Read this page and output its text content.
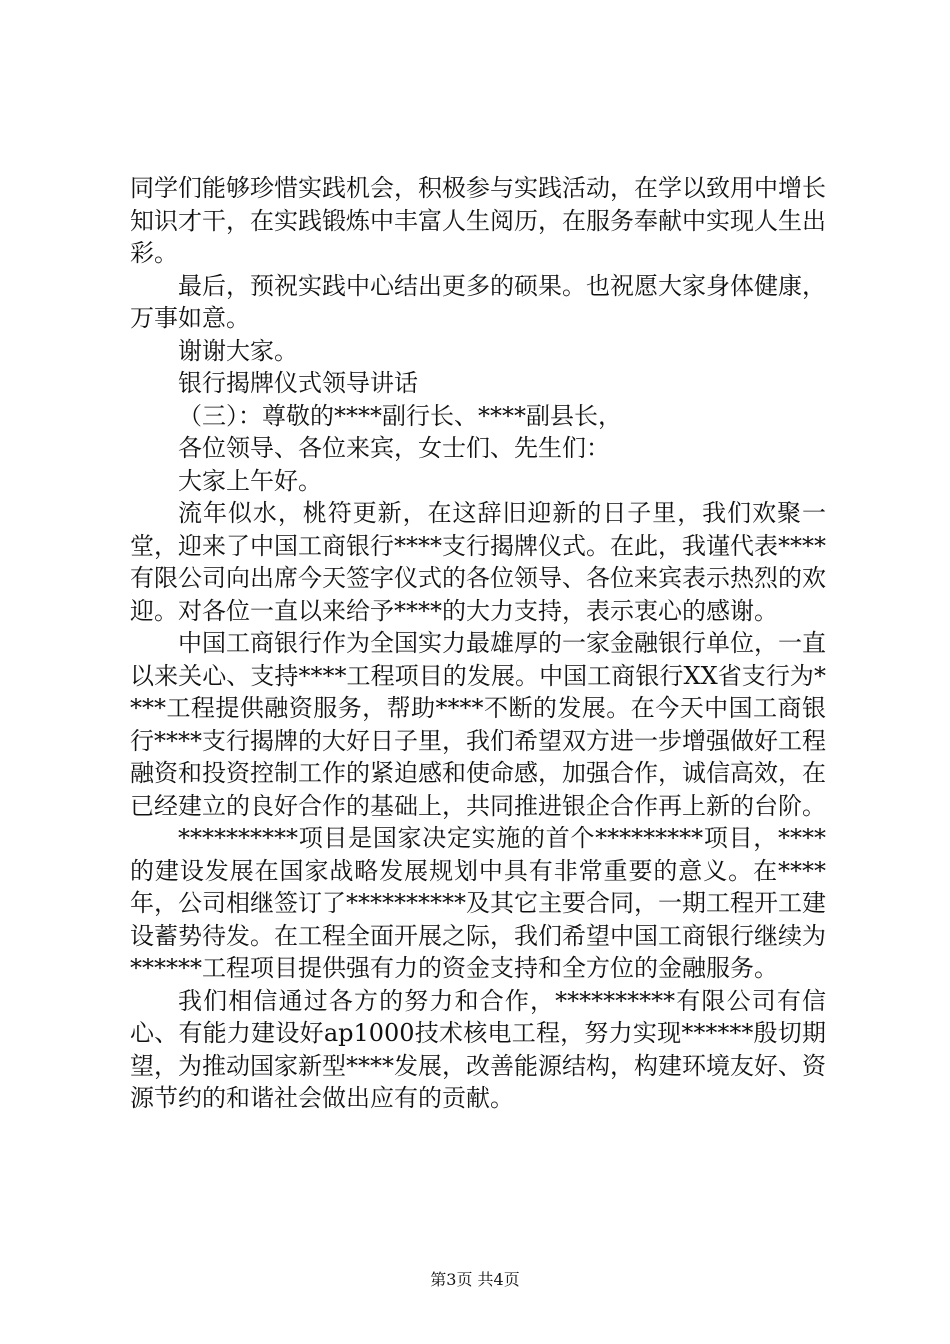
同学们能够珍惜实践机会，积极参与实践活动，在学以致用中增长知识才干，在实践锻炼中丰富人生阅历，在服务奉献中实现人生出彩。

最后，预祝实践中心结出更多的硕果。也祝愿大家身体健康，万事如意。

谢谢大家。

银行揭牌仪式领导讲话

（三）：尊敬的****副行长、****副县长，

各位领导、各位来宾，女士们、先生们：

大家上午好。

流年似水，桃符更新，在这辞旧迎新的日子里，我们欢聚一堂，迎来了中国工商银行****支行揭牌仪式。在此，我谨代表****有限公司向出席今天签字仪式的各位领导、各位来宾表示热烈的欢迎。对各位一直以来给予****的大力支持，表示衷心的感谢。

中国工商银行作为全国实力最雄厚的一家金融银行单位，一直以来关心、支持****工程项目的发展。中国工商银行XX省支行为****工程提供融资服务，帮助****不断的发展。在今天中国工商银行****支行揭牌的大好日子里，我们希望双方进一步增强做好工程融资和投资控制工作的紧迫感和使命感，加强合作，诚信高效，在已经建立的良好合作的基础上，共同推进银企合作再上新的台阶。

**********项目是国家决定实施的首个*********项目，****的建设发展在国家战略发展规划中具有非常重要的意义。在****年，公司相继签订了**********及其它主要合同，一期工程开工建设蓄势待发。在工程全面开展之际，我们希望中国工商银行继续为******工程项目提供强有力的资金支持和全方位的金融服务。

我们相信通过各方的努力和合作，**********有限公司有信心、有能力建设好ap1000技术核电工程，努力实现******殷切期望，为推动国家新型****发展，改善能源结构，构建环境友好、资源节约的和谐社会做出应有的贡献。

第3页 共4页
